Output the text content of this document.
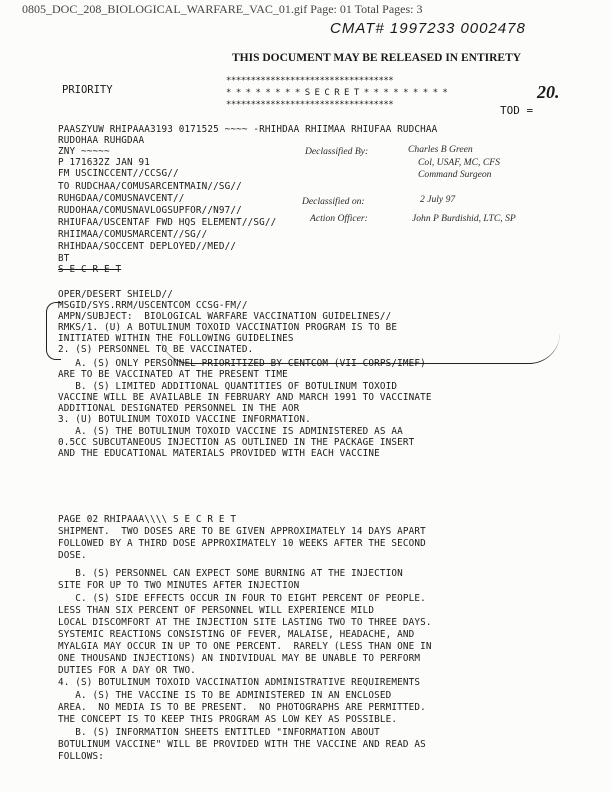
0805_DOC_208_BIOLOGICAL_WARFARE_VAC_01.gif Page: 01 Total Pages: 3
CMAT# 1997233 0002478
THIS DOCUMENT MAY BE RELEASED IN ENTIRETY
PRIORITY
**********************************
* * * * * * * * S E C R E T * * * * * * * * *
**********************************	TOD =
20.
PAASZYUW RHIPAAA3193 0171525 ~~~~ -RHIHDAA RHIIMAA RHIUFAA RUDCHAA
RUDOHAA RUHGDAA
ZNY ~~~~~
P 171632Z JAN 91
FM USCINCCENT//CCSG//
TO RUDCHAA/COMUSARCENTMAIN//SG//
RUHGDAA/COMUSNAVCENT//
RUDOHAA/COMUSNAVLOGSUPFOR//N97//
RHIUFAA/USCENTAF FWD HQS ELEMENT//SG//
RHIIMAA/COMUSMARCENT//SG//
RHIHDAA/SOCCENT DEPLOYED//MED//
BT
S E C R E T
Declassified By:	Charles B Green
Col, USAF, MC, CFS
Command Surgeon
Declassified on:	2 July 97
Action Officer:	John P Burdishid, LTC, SP
OPER/DESERT SHIELD//
MSGID/SYS.RRM/USCENTCOM CCSG-FM//
AMPN/SUBJECT:  BIOLOGICAL WARFARE VACCINATION GUIDELINES//
RMKS/1. (U) A BOTULINUM TOXOID VACCINATION PROGRAM IS TO BE
INITIATED WITHIN THE FOLLOWING GUIDELINES
2. (S) PERSONNEL TO BE VACCINATED.
A. (S) ONLY PERSONNEL PRIORITIZED BY CENTCOM (VII CORPS/IMEF)
ARE TO BE VACCINATED AT THE PRESENT TIME
B. (S) LIMITED ADDITIONAL QUANTITIES OF BOTULINUM TOXOID
VACCINE WILL BE AVAILABLE IN FEBRUARY AND MARCH 1991 TO VACCINATE
ADDITIONAL DESIGNATED PERSONNEL IN THE AOR
3. (U) BOTULINUM TOXOID VACCINE INFORMATION.
A. (S) THE BOTULINUM TOXOID VACCINE IS ADMINISTERED AS AA
0.5CC SUBCUTANEOUS INJECTION AS OUTLINED IN THE PACKAGE INSERT
AND THE EDUCATIONAL MATERIALS PROVIDED WITH EACH VACCINE
PAGE 02 RHIPAAA\\\\ S E C R E T
SHIPMENT.  TWO DOSES ARE TO BE GIVEN APPROXIMATELY 14 DAYS APART
FOLLOWED BY A THIRD DOSE APPROXIMATELY 10 WEEKS AFTER THE SECOND
DOSE.
B. (S) PERSONNEL CAN EXPECT SOME BURNING AT THE INJECTION
SITE FOR UP TO TWO MINUTES AFTER INJECTION
C. (S) SIDE EFFECTS OCCUR IN FOUR TO EIGHT PERCENT OF PEOPLE.
LESS THAN SIX PERCENT OF PERSONNEL WILL EXPERIENCE MILD
LOCAL DISCOMFORT AT THE INJECTION SITE LASTING TWO TO THREE DAYS.
SYSTEMIC REACTIONS CONSISTING OF FEVER, MALAISE, HEADACHE, AND
MYALGIA MAY OCCUR IN UP TO ONE PERCENT.  RARELY (LESS THAN ONE IN
ONE THOUSAND INJECTIONS) AN INDIVIDUAL MAY BE UNABLE TO PERFORM
DUTIES FOR A DAY OR TWO.
4. (S) BOTULINUM TOXOID VACCINATION ADMINISTRATIVE REQUIREMENTS
A. (S) THE VACCINE IS TO BE ADMINISTERED IN AN ENCLOSED
AREA.  NO MEDIA IS TO BE PRESENT.  NO PHOTOGRAPHS ARE PERMITTED.
THE CONCEPT IS TO KEEP THIS PROGRAM AS LOW KEY AS POSSIBLE.
B. (S) INFORMATION SHEETS ENTITLED "INFORMATION ABOUT
BOTULINUM VACCINE" WILL BE PROVIDED WITH THE VACCINE AND READ AS
FOLLOWS:
